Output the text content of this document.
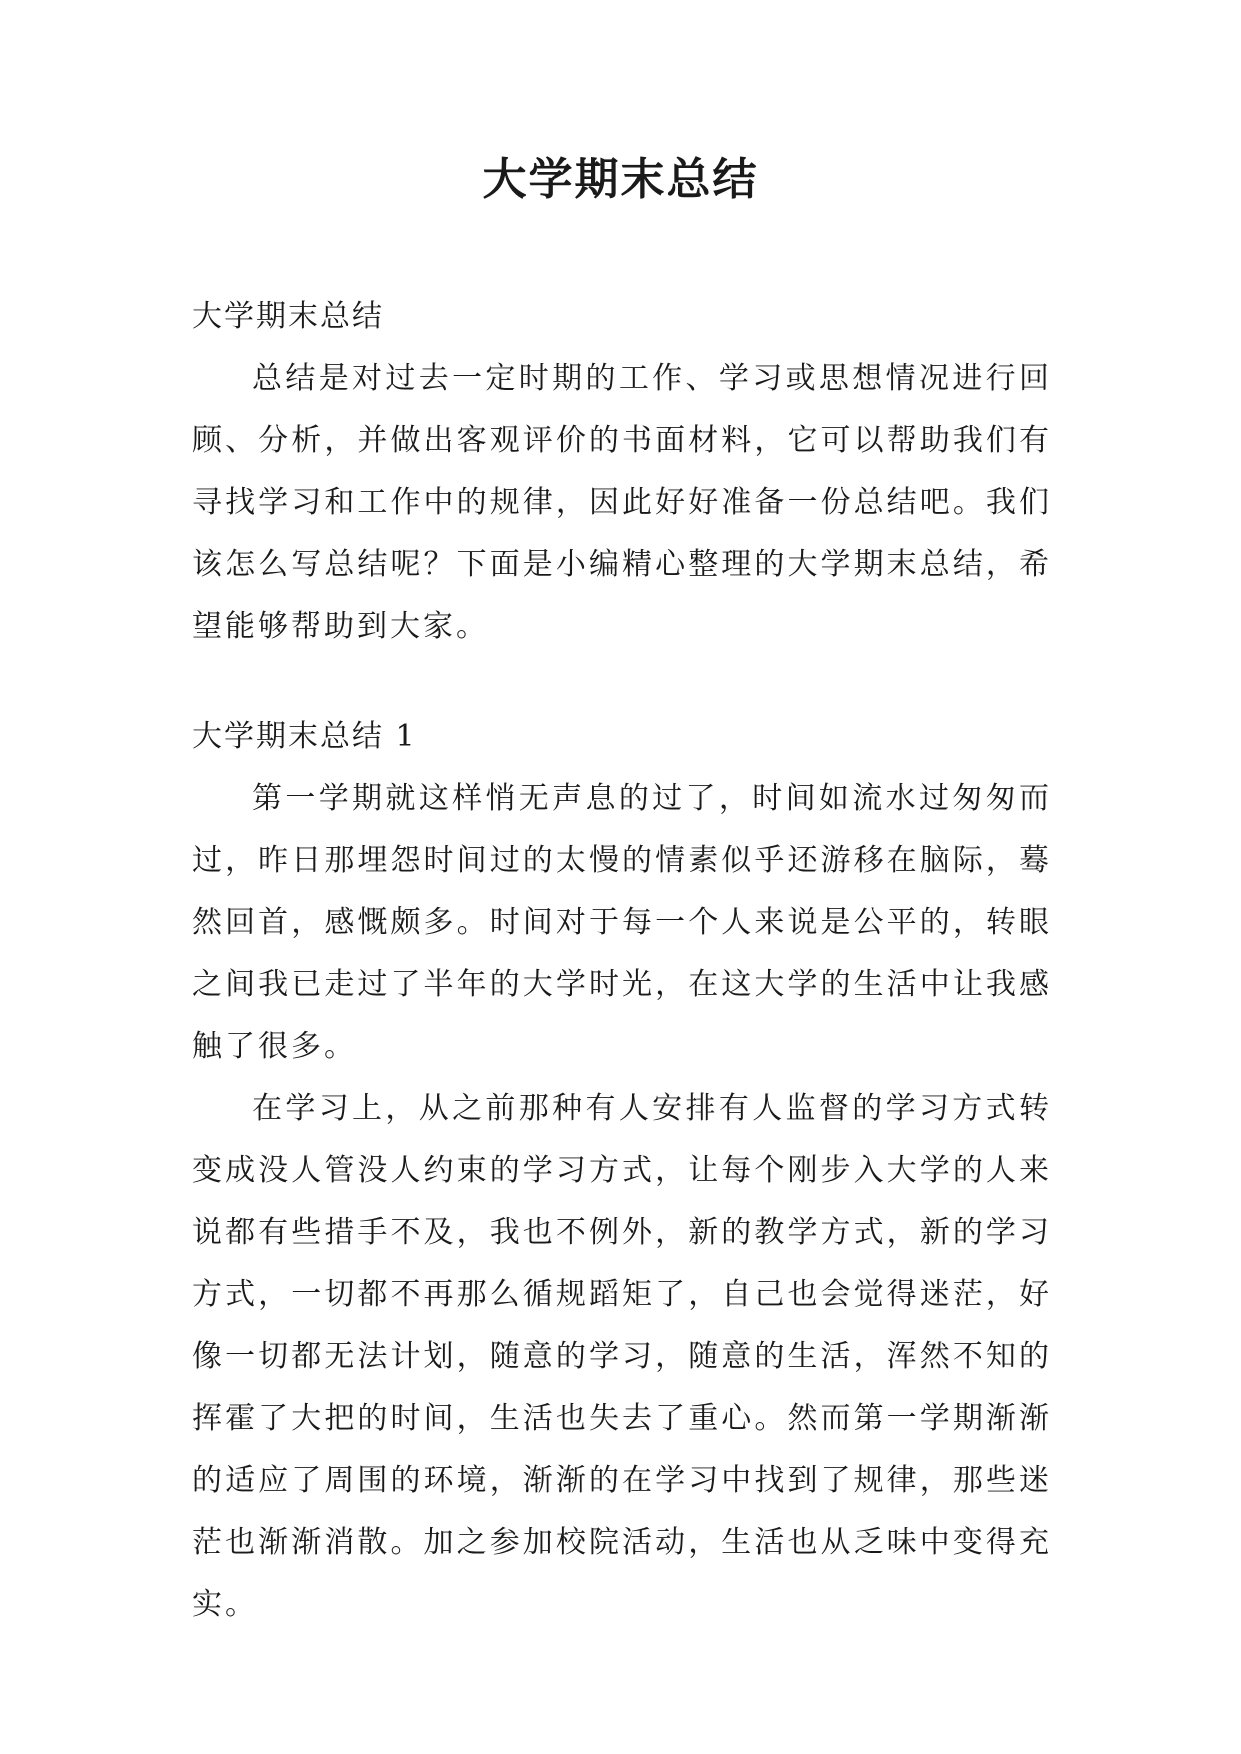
大学期末总结

大学期末总结

总结是对过去一定时期的工作、学习或思想情况进行回顾、分析，并做出客观评价的书面材料，它可以帮助我们有寻找学习和工作中的规律，因此好好准备一份总结吧。我们该怎么写总结呢？下面是小编精心整理的大学期末总结，希望能够帮助到大家。

大学期末总结 1

第一学期就这样悄无声息的过了，时间如流水过匆匆而过，昨日那埋怨时间过的太慢的情素似乎还游移在脑际，蓦然回首，感慨颇多。时间对于每一个人来说是公平的，转眼之间我已走过了半年的大学时光，在这大学的生活中让我感触了很多。

在学习上，从之前那种有人安排有人监督的学习方式转变成没人管没人约束的学习方式，让每个刚步入大学的人来说都有些措手不及，我也不例外，新的教学方式，新的学习方式，一切都不再那么循规蹈矩了，自己也会觉得迷茫，好像一切都无法计划，随意的学习，随意的生活，浑然不知的挥霍了大把的时间，生活也失去了重心。然而第一学期渐渐的适应了周围的环境，渐渐的在学习中找到了规律，那些迷茫也渐渐消散。加之参加校院活动，生活也从乏味中变得充实。
